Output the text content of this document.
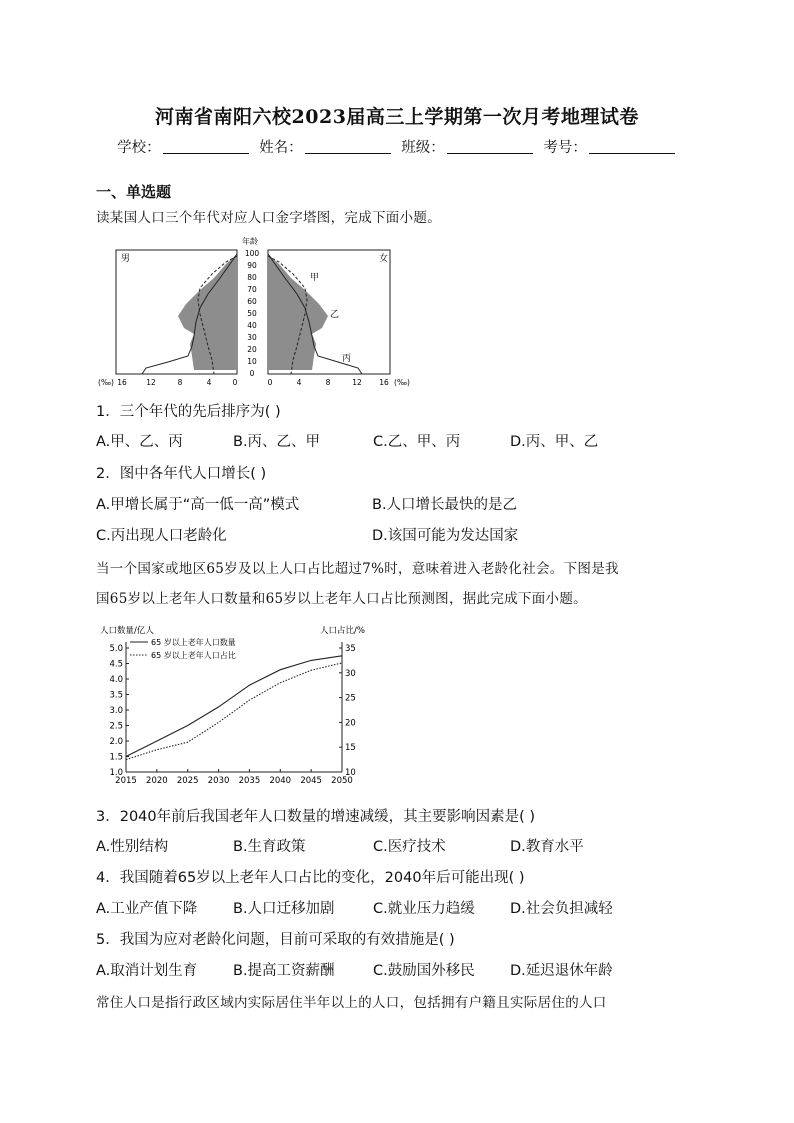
河南省南阳六校2023届高三上学期第一次月考地理试卷
学校：	姓名：	班级：	考号：
一、单选题
读某国人口三个年代对应人口金字塔图，完成下面小题。
年龄
男	女
甲
乙
丙
100
90
80
70
60
50
40
30
20
10
0
(‰) 16	12	8	4	0	0	4	8	12 16 (‰)
1．三个年代的先后排序为( )
A.甲、乙、丙	B.丙、乙、甲	C.乙、甲、丙	D.丙、甲、乙
2．图中各年代人口增长( )
A.甲增长属于“高一低一高”模式	B.人口增长最快的是乙
C.丙出现人口老龄化	D.该国可能为发达国家
当一个国家或地区65岁及以上人口占比超过7%时，意味着进入老龄化社会。下图是我
国65岁以上老年人口数量和65岁以上老年人口占比预测图，据此完成下面小题。
人口数量/亿人	人口占比/%
1.0
1.5
2.0
2.5
3.0
3.5
4.0
4.5
5.0
10
15
20
25
30
35
2015 2020 2025 2030 2035 2040 2045 2050
65 岁以上老年人口数量
65 岁以上老年人口占比
3．2040年前后我国老年人口数量的增速减缓，其主要影响因素是( )
A.性别结构	B.生育政策	C.医疗技术	D.教育水平
4．我国随着65岁以上老年人口占比的变化，2040年后可能出现( )
A.工业产值下降 B.人口迁移加剧	C.就业压力趋缓 D.社会负担减轻
5．我国为应对老龄化问题，目前可采取的有效措施是( )
A.取消计划生育 B.提高工资薪酬	C.鼓励国外移民 D.延迟退休年龄
常住人口是指行政区域内实际居住半年以上的人口，包括拥有户籍且实际居住的人口
